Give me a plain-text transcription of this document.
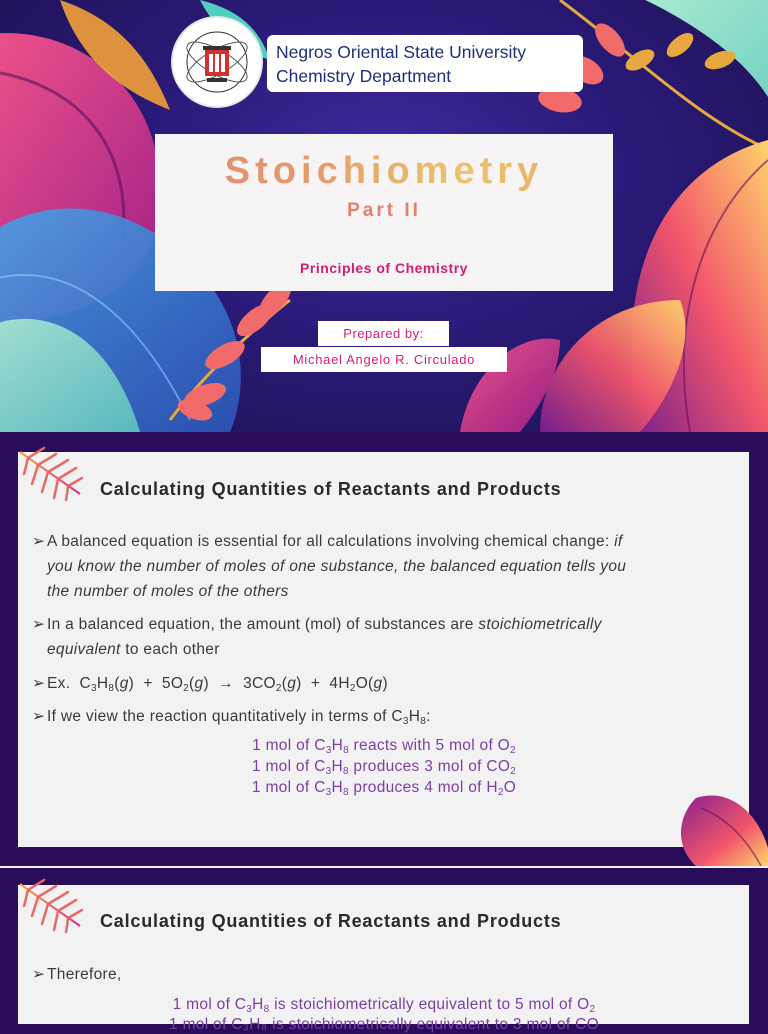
Negros Oriental State University
Chemistry Department
Stoichiometry
Part II
Principles of Chemistry
Prepared by:
Michael Angelo R. Circulado
Calculating Quantities of Reactants and Products
➢ A balanced equation is essential for all calculations involving chemical change: if
you know the number of moles of one substance, the balanced equation tells you
the number of moles of the others
➢ In a balanced equation, the amount (mol) of substances are stoichiometrically
equivalent to each other
➢ Ex.  $C_3H_8(g) + 5O_2(g) \to 3CO_2(g) + 4H_2O(g)$
➢ If we view the reaction quantitatively in terms of $C_3H_8$:
1 mol of $C_3H_8$ reacts with 5 mol of $O_2$
1 mol of $C_3H_8$ produces 3 mol of $CO_2$
1 mol of $C_3H_8$ produces 4 mol of $H_2O$
Calculating Quantities of Reactants and Products
➢ Therefore,
1 mol of $C_3H_8$ is stoichiometrically equivalent to 5 mol of $O_2$
1 mol of C₃H₈ is stoichiometrically equivalent to 3 mol of CO
